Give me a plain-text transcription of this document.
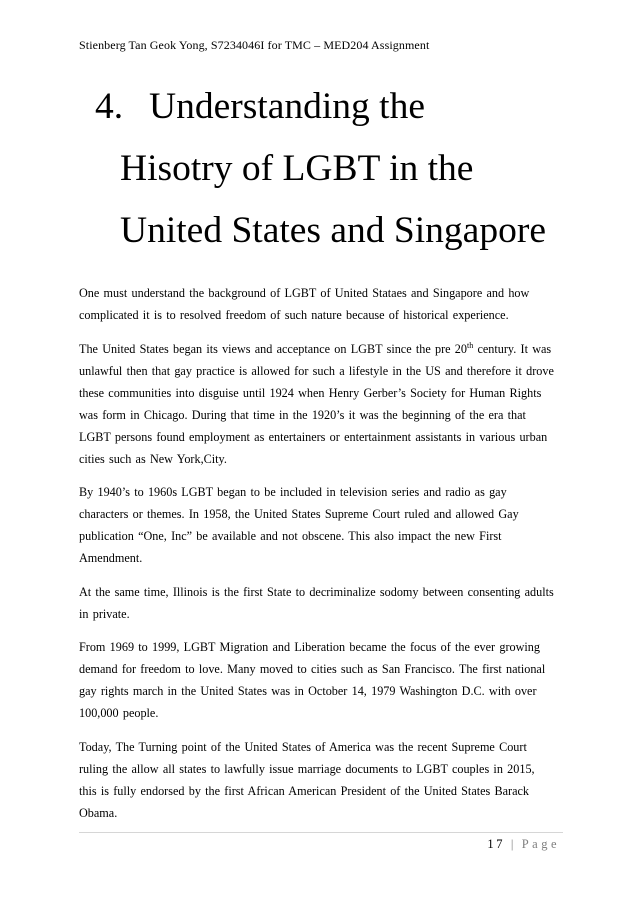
Stienberg Tan Geok Yong, S7234046I for TMC – MED204 Assignment
4. Understanding the
Hisotry of LGBT in the
United States and Singapore

One must understand the background of LGBT of United Stataes and Singapore and how
complicated it is to resolved freedom of such nature because of historical experience.

The United States began its views and acceptance on LGBT since the pre 20th century. It was
unlawful then that gay practice is allowed for such a lifestyle in the US and therefore it drove
these communities into disguise until 1924 when Henry Gerber’s Society for Human Rights
was form in Chicago. During that time in the 1920’s it was the beginning of the era that
LGBT persons found employment as entertainers or entertainment assistants in various urban
cities such as New York,City.

By 1940’s to 1960s LGBT began to be included in television series and radio as gay
characters or themes. In 1958, the United States Supreme Court ruled and allowed Gay
publication “One, Inc” be available and not obscene. This also impact the new First
Amendment.

At the same time, Illinois is the first State to decriminalize sodomy between consenting adults
in private.

From 1969 to 1999, LGBT Migration and Liberation became the focus of the ever growing
demand for freedom to love. Many moved to cities such as San Francisco. The first national
gay rights march in the United States was in October 14, 1979 Washington D.C. with over
100,000 people.

Today, The Turning point of the United States of America was the recent Supreme Court
ruling the allow all states to lawfully issue marriage documents to LGBT couples in 2015,
this is fully endorsed by the first African American President of the United States Barack
Obama.

17 | Page
